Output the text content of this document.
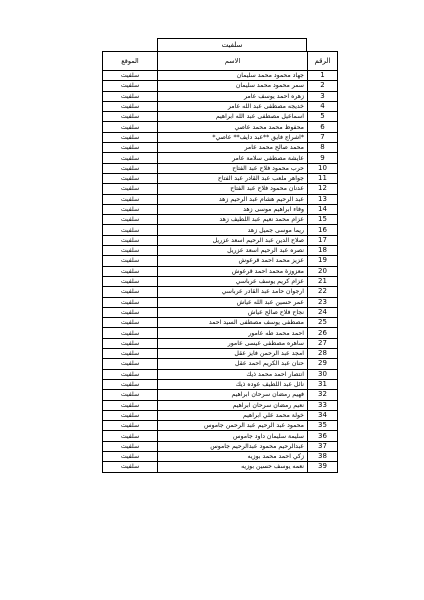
سلفيت
الموقع	الاسم	الرقم
سلفيت	جهاد محمود محمد سليمان	1
سلفيت	سمر محمود محمد سليمان	2
سلفيت	زهره احمد يوسف عامر	3
سلفيت	خديجه مصطفى عبد الله عامر	4
سلفيت	اسماعيل مصطفى عبد الله ابراهيم	5
سلفيت	محفوظ محمد محمد عاصي	6
سلفيت	*اشراج فايق **عبد دايف** عاصي*	7
سلفيت	محمد صالح محمد عامر	8
سلفيت	عايشة مصطفى سلامة عامر	9
سلفيت	حرب محمود فلاح عبد الفتاح	10
سلفيت	جواهر ملعب عبد القادر عبد الفتاح	11
سلفيت	عدنان محمود فلاح عبد الفتاح	12
سلفيت	عبد الرحيم هشام عبد الرحيم زهد	13
سلفيت	وفاء ابراهيم موسى زهد	14
سلفيت	عزام محمد نعيم عبد اللطيف زهد	15
سلفيت	ريما موسى جميل زهد	16
سلفيت	صلاح الدين عبد الرحيم اسعد عزريل	17
سلفيت	نصره عبد الرحيم اسعد عزريل	18
سلفيت	عزيز محمد احمد قرعوش	19
سلفيت	معزوزة محمد احمد قرعوش	20
سلفيت	عزام كريم يوسف عرباسي	21
سلفيت	ارجوان حامد عبد القادر عرباسي	22
سلفيت	عمر حسين عبد الله عياش	23
سلفيت	نجاح فلاح صالح عياش	24
سلفيت	مصطفى يوسف مصطفى السيد احمد	25
سلفيت	احمد محمد طه عامور	26
سلفيت	ساهره مصطفى عيسى عامور	27
سلفيت	امجد عبد الرحمن فايز عقل	28
سلفيت	حنان عبد الكريم احمد عقل	29
سلفيت	انتصار احمد محمد ذيك	30
سلفيت	نائل عبد اللطيف عوده ذيك	31
سلفيت	فهيم رمضان سرحان ابراهيم	32
سلفيت	نعيم رمضان سرحان ابراهيم	33
سلفيت	خولة محمد علي ابراهيم	34
سلفيت	محمود عبد الرحيم عبد الرحمن جاموس	35
سلفيت	سليمة سليمان داود جاموس	36
سلفيت	عبدالرحيم محمود عبدالرحيم جاموس	37
سلفيت	زكي احمد محمد بوزيه	38
سلفيت	نعمه يوسف حسين بوزيه	39
